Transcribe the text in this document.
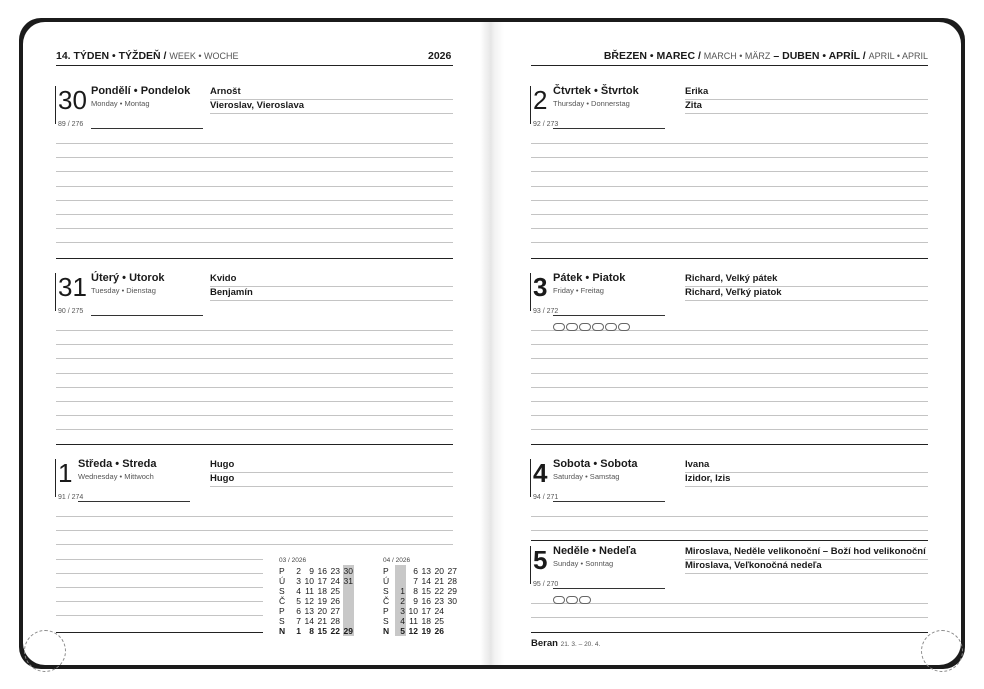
14. TÝDEN • TÝŽDEŇ / WEEK • WOCHE	2026	BŘEZEN • MAREC / MARCH • MÄRZ – DUBEN • APRÍL / APRIL • APRIL
30 Pondělí • Pondelok
Monday • Montag
89 / 276
Arnošt
Vieroslav, Vieroslava
31 Úterý • Utorok
Tuesday • Dienstag
90 / 275
Kvido
Benjamín
1 Středa • Streda
Wednesday • Mittwoch
91 / 274
Hugo
Hugo
2 Čtvrtek • Štvrtok
Thursday • Donnerstag
92 / 273
Erika
Zita
3 Pátek • Piatok
Friday • Freitag
93 / 272
Richard, Velký pátek
Richard, Veľký piatok
4 Sobota • Sobota
Saturday • Samstag
94 / 271
Ivana
Izidor, Izis
5 Neděle • Nedeľa
Sunday • Sonntag
95 / 270
Miroslava, Neděle velikonoční – Boží hod velikonoční
Miroslava, Veľkonočná nedeľa
03 / 2026
P	2 9 16 23 30
Ú	3 10 17 24 31
S	4 11 18 25
Č	5 12 19 26
P	6 13 20 27
S	7 14 21 28
N	1 8 15 22 29
04 / 2026
P	6 13 20 27
Ú	7 14 21 28
S	1 8 15 22 29
Č	2 9 16 23 30
P	3 10 17 24
S	4 11 18 25
N	5 12 19 26
Beran 21. 3. – 20. 4.
